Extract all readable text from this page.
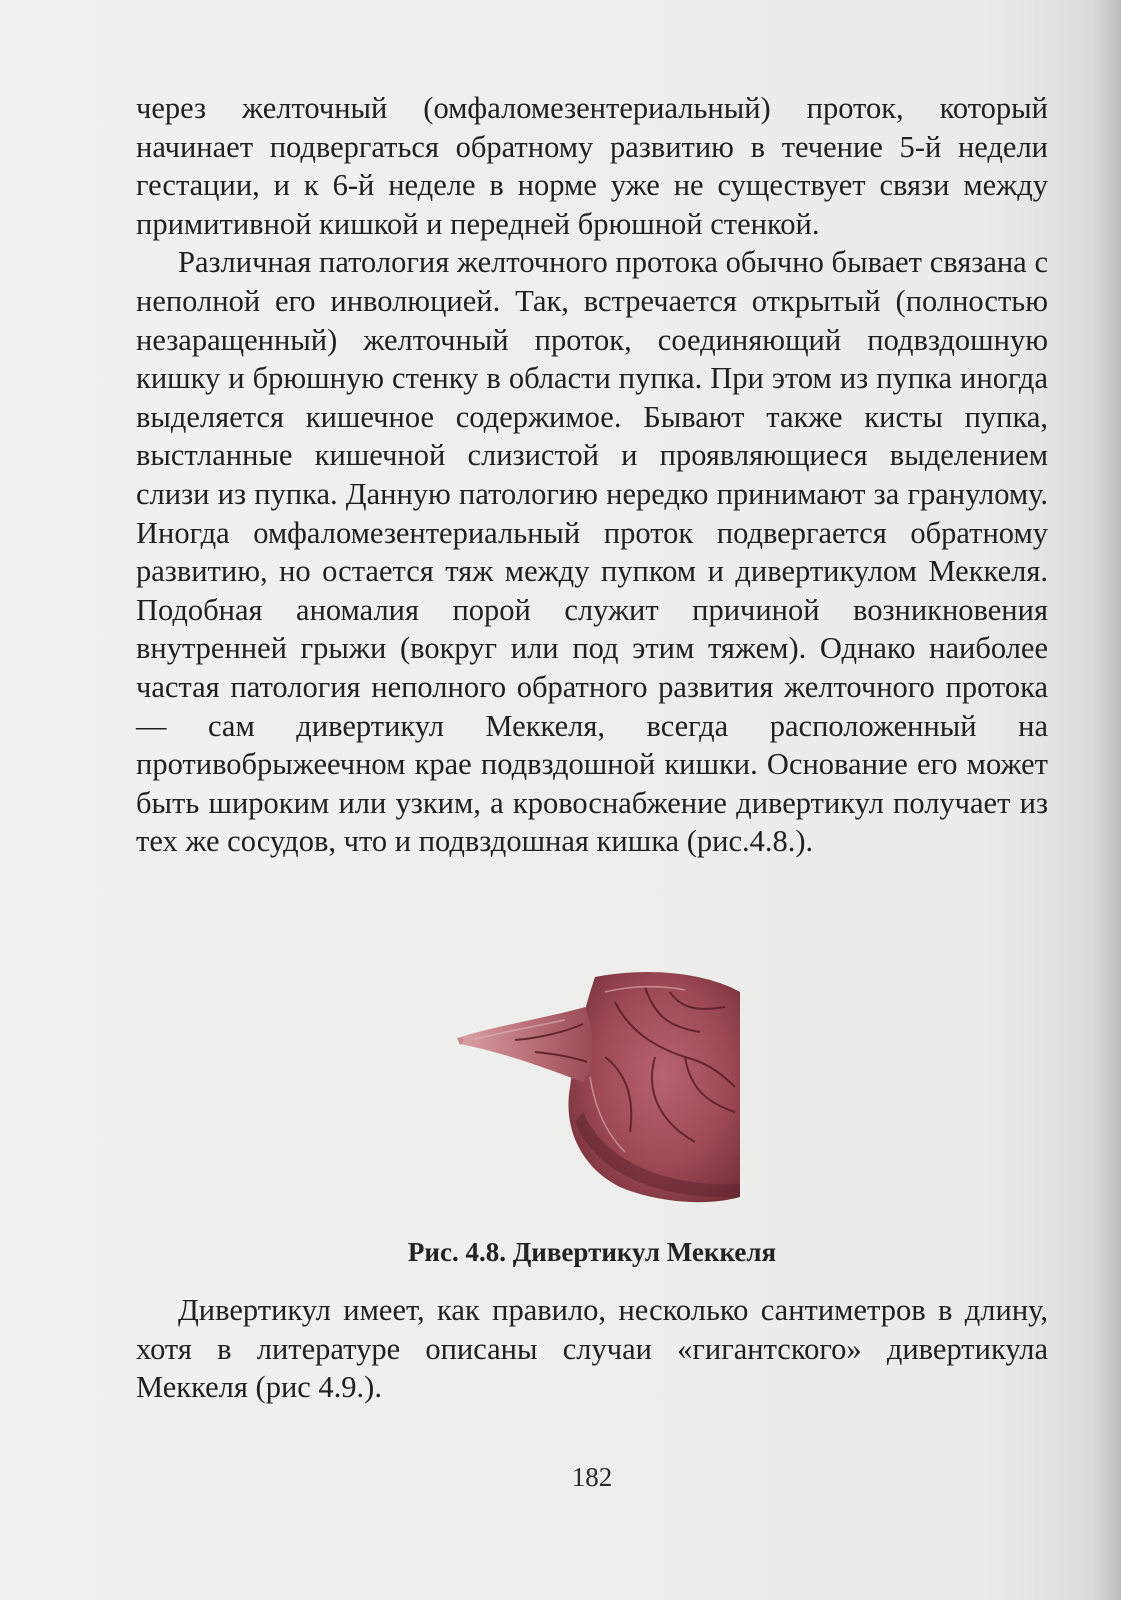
через желточный (омфаломезентериальный) проток, который начинает подвергаться обратному развитию в течение 5-й недели гестации, и к 6-й неделе в норме уже не существует связи между примитивной кишкой и передней брюшной стенкой.

Различная патология желточного протока обычно бывает связана с неполной его инволюцией. Так, встречается открытый (полностью незаращенный) желточный проток, соединяющий подвздошную кишку и брюшную стенку в области пупка. При этом из пупка иногда выделяется кишечное содержимое. Бывают также кисты пупка, выстланные кишечной слизистой и проявляющиеся выделением слизи из пупка. Данную патологию нередко принимают за гранулому. Иногда омфаломезентериальный проток подвергается обратному развитию, но остается тяж между пупком и дивертикулом Меккеля. Подобная аномалия порой служит причиной возникновения внутренней грыжи (вокруг или под этим тяжем). Однако наиболее частая патология неполного обратного развития желточного протока — сам дивертикул Меккеля, всегда расположенный на противобрыжеечном крае подвздошной кишки. Основание его может быть широким или узким, а кровоснабжение дивертикул получает из тех же сосудов, что и подвздошная кишка (рис.4.8.).

Рис. 4.8. Дивертикул Меккеля

Дивертикул имеет, как правило, несколько сантиметров в длину, хотя в литературе описаны случаи «гигантского» дивертикула Меккеля (рис 4.9.).

182
